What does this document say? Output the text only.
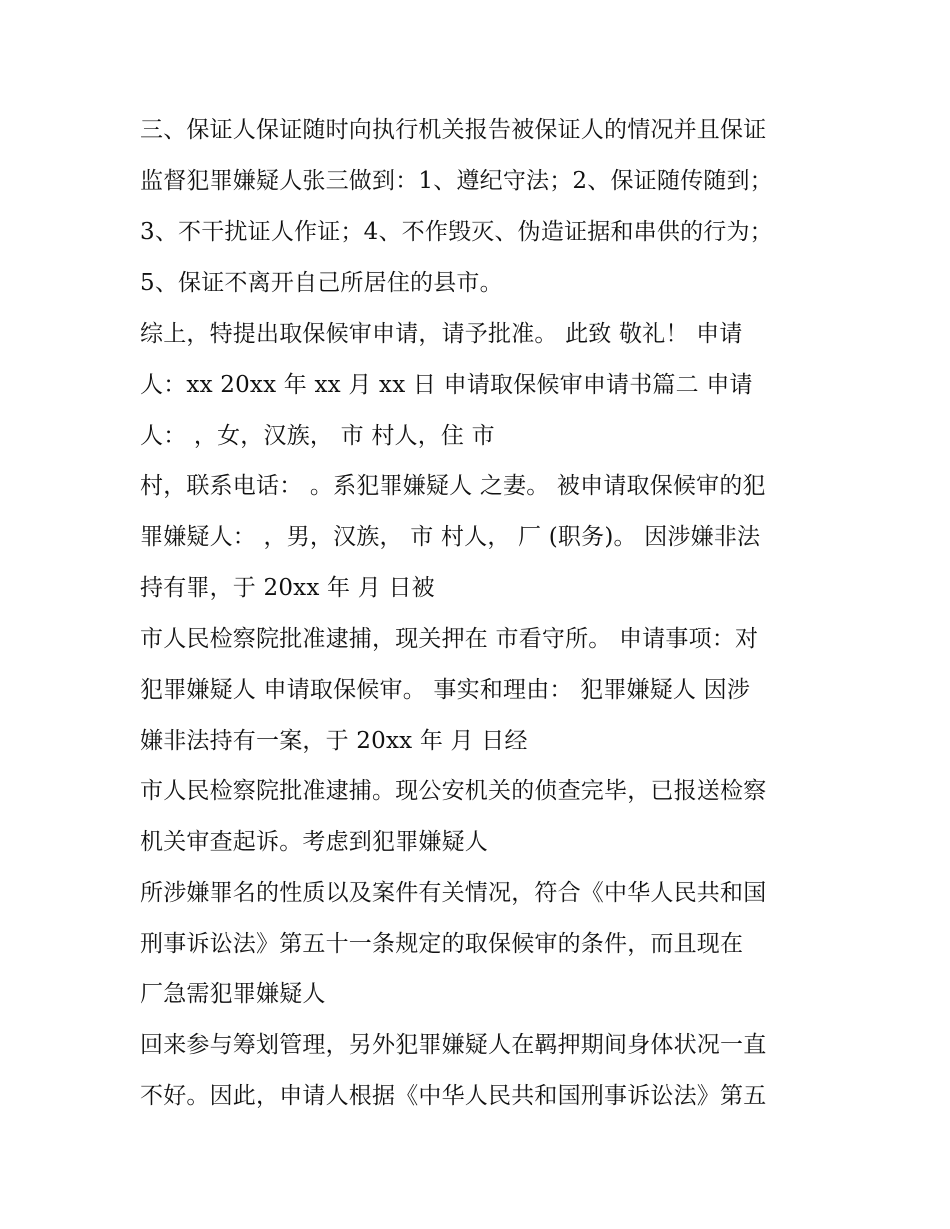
三、保证人保证随时向执行机关报告被保证人的情况并且保证

监督犯罪嫌疑人张三做到：1、遵纪守法；2、保证随传随到；

3、不干扰证人作证；4、不作毁灭、伪造证据和串供的行为；

5、保证不离开自己所居住的县市。

综上，特提出取保候审申请，请予批准。 此致 敬礼！ 申请

人：xx 20xx 年 xx 月 xx 日 申请取保候审申请书篇二 申请

人： ，女，汉族， 市 村人，住 市

村，联系电话： 。系犯罪嫌疑人 之妻。 被申请取保候审的犯

罪嫌疑人： ，男，汉族， 市 村人， 厂 (职务)。 因涉嫌非法

持有罪，于 20xx 年 月 日被

市人民检察院批准逮捕，现关押在 市看守所。 申请事项：对

犯罪嫌疑人 申请取保候审。 事实和理由： 犯罪嫌疑人 因涉

嫌非法持有一案，于 20xx 年 月 日经

市人民检察院批准逮捕。现公安机关的侦查完毕，已报送检察

机关审查起诉。考虑到犯罪嫌疑人

所涉嫌罪名的性质以及案件有关情况，符合《中华人民共和国

刑事诉讼法》第五十一条规定的取保候审的条件，而且现在

厂急需犯罪嫌疑人

回来参与筹划管理，另外犯罪嫌疑人在羁押期间身体状况一直

不好。因此，申请人根据《中华人民共和国刑事诉讼法》第五
